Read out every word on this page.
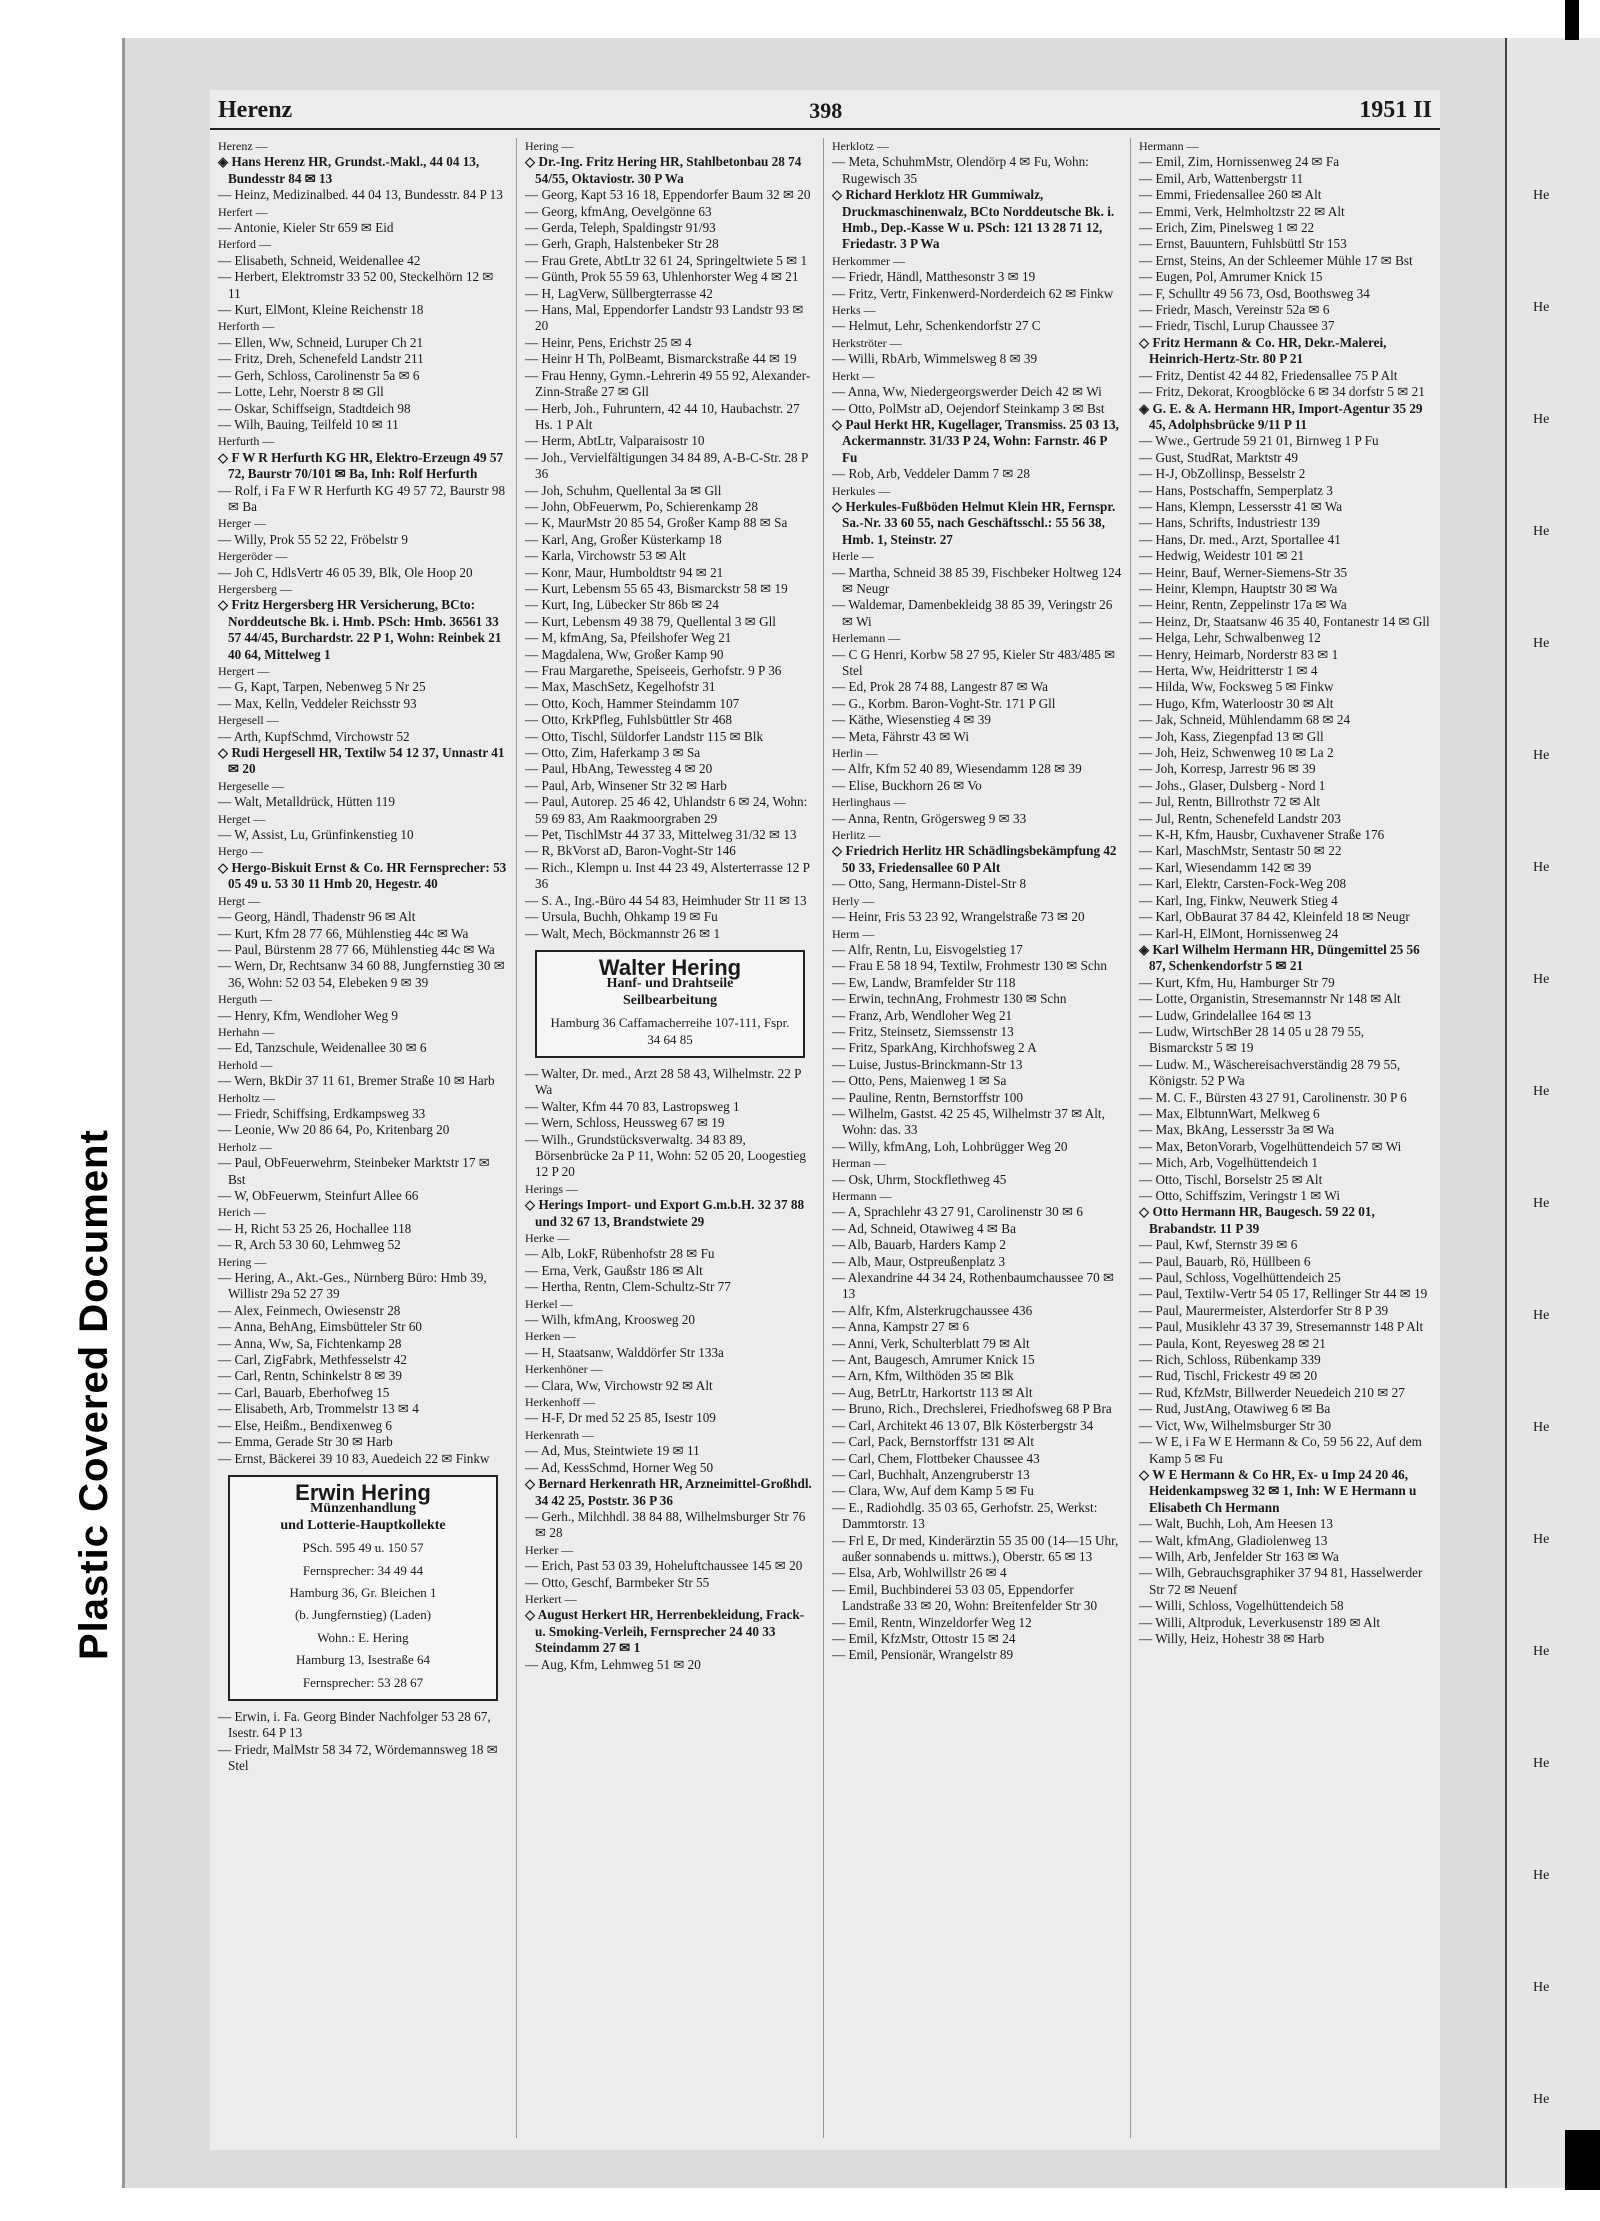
Plastic Covered Document
Herenz	398	1951 II

Herenz —

◈ Hans Herenz HR, Grundst.-Makl., 44 04 13, Bundesstr 84 ✉ 13

— Heinz, Medizinalbed. 44 04 13, Bundesstr. 84 P 13

Herfert —

— Antonie, Kieler Str 659 ✉ Eid

Herford —

— Elisabeth, Schneid, Weidenallee 42

— Herbert, Elektromstr 33 52 00, Steckelhörn 12 ✉ 11

— Kurt, ElMont, Kleine Reichenstr 18

Herforth —

— Ellen, Ww, Schneid, Luruper Ch 21

— Fritz, Dreh, Schenefeld Landstr 211

— Gerh, Schloss, Carolinenstr 5a ✉ 6

— Lotte, Lehr, Noerstr 8 ✉ Gll

— Oskar, Schiffseign, Stadtdeich 98

— Wilh, Bauing, Teilfeld 10 ✉ 11

Herfurth —

◇ F W R Herfurth KG HR, Elektro-Erzeugn 49 57 72, Baurstr 70/101 ✉ Ba, Inh: Rolf Herfurth

— Rolf, i Fa F W R Herfurth KG 49 57 72, Baurstr 98 ✉ Ba

Herger —

— Willy, Prok 55 52 22, Fröbelstr 9

Hergeröder —

— Joh C, HdlsVertr 46 05 39, Blk, Ole Hoop 20

Hergersberg —

◇ Fritz Hergersberg HR Versicherung, BCto: Norddeutsche Bk. i. Hmb. PSch: Hmb. 36561 33 57 44/45, Burchardstr. 22 P 1, Wohn: Reinbek 21 40 64, Mittelweg 1

Hergert —

— G, Kapt, Tarpen, Nebenweg 5 Nr 25

— Max, Kelln, Veddeler Reichsstr 93

Hergesell —

— Arth, KupfSchmd, Virchowstr 52

◇ Rudi Hergesell HR, Textilw 54 12 37, Unnastr 41 ✉ 20

Hergeselle —

— Walt, Metalldrück, Hütten 119

Herget —

— W, Assist, Lu, Grünfinkenstieg 10

Hergo —

◇ Hergo-Biskuit Ernst & Co. HR Fernsprecher: 53 05 49 u. 53 30 11 Hmb 20, Hegestr. 40

Hergt —

— Georg, Händl, Thadenstr 96 ✉ Alt

— Kurt, Kfm 28 77 66, Mühlenstieg 44c ✉ Wa

— Paul, Bürstenm 28 77 66, Mühlenstieg 44c ✉ Wa

— Wern, Dr, Rechtsanw 34 60 88, Jungfernstieg 30 ✉ 36, Wohn: 52 03 54, Elebeken 9 ✉ 39

Herguth —

— Henry, Kfm, Wendloher Weg 9

Herhahn —

— Ed, Tanzschule, Weidenallee 30 ✉ 6

Herhold —

— Wern, BkDir 37 11 61, Bremer Straße 10 ✉ Harb

Herholtz —

— Friedr, Schiffsing, Erdkampsweg 33

— Leonie, Ww 20 86 64, Po, Kritenbarg 20

Herholz —

— Paul, ObFeuerwehrm, Steinbeker Marktstr 17 ✉ Bst

— W, ObFeuerwm, Steinfurt Allee 66

Herich —

— H, Richt 53 25 26, Hochallee 118

— R, Arch 53 30 60, Lehmweg 52

Hering —

— Hering, A., Akt.-Ges., Nürnberg Büro: Hmb 39, Willistr 29a 52 27 39

— Alex, Feinmech, Owiesenstr 28

— Anna, BehAng, Eimsbütteler Str 60

— Anna, Ww, Sa, Fichtenkamp 28

— Carl, ZigFabrk, Methfesselstr 42

— Carl, Rentn, Schinkelstr 8 ✉ 39

— Carl, Bauarb, Eberhofweg 15

— Elisabeth, Arb, Trommelstr 13 ✉ 4

— Else, Heißm., Bendixenweg 6

— Emma, Gerade Str 30 ✉ Harb

— Ernst, Bäckerei 39 10 83, Auedeich 22 ✉ Finkw

Erwin Hering
Münzenhandlung
und Lotterie-Hauptkollekte
PSch. 595 49 u. 150 57
Fernsprecher: 34 49 44
Hamburg 36, Gr. Bleichen 1
(b. Jungfernstieg) (Laden)
Wohn.: E. Hering
Hamburg 13, Isestraße 64
Fernsprecher: 53 28 67

— Erwin, i. Fa. Georg Binder Nachfolger 53 28 67, Isestr. 64 P 13

— Friedr, MalMstr 58 34 72, Wördemannsweg 18 ✉ Stel

Hering —

◇ Dr.-Ing. Fritz Hering HR, Stahlbetonbau 28 74 54/55, Oktaviostr. 30 P Wa

— Georg, Kapt 53 16 18, Eppendorfer Baum 32 ✉ 20

— Georg, kfmAng, Oevelgönne 63

— Gerda, Teleph, Spaldingstr 91/93

— Gerh, Graph, Halstenbeker Str 28

— Frau Grete, AbtLtr 32 61 24, Springeltwiete 5 ✉ 1

— Günth, Prok 55 59 63, Uhlenhorster Weg 4 ✉ 21

— H, LagVerw, Süllbergterrasse 42

— Hans, Mal, Eppendorfer Landstr 93 Landstr 93 ✉ 20

— Heinr, Pens, Erichstr 25 ✉ 4

— Heinr H Th, PolBeamt, Bismarckstraße 44 ✉ 19

— Frau Henny, Gymn.-Lehrerin 49 55 92, Alexander-Zinn-Straße 27 ✉ Gll

— Herb, Joh., Fuhruntern, 42 44 10, Haubachstr. 27 Hs. 1 P Alt

— Herm, AbtLtr, Valparaisostr 10

— Joh., Vervielfältigungen 34 84 89, A-B-C-Str. 28 P 36

— Joh, Schuhm, Quellental 3a ✉ Gll

— John, ObFeuerwm, Po, Schierenkamp 28

— K, MaurMstr 20 85 54, Großer Kamp 88 ✉ Sa

— Karl, Ang, Großer Küsterkamp 18

— Karla, Virchowstr 53 ✉ Alt

— Konr, Maur, Humboldtstr 94 ✉ 21

— Kurt, Lebensm 55 65 43, Bismarckstr 58 ✉ 19

— Kurt, Ing, Lübecker Str 86b ✉ 24

— Kurt, Lebensm 49 38 79, Quellental 3 ✉ Gll

— M, kfmAng, Sa, Pfeilshofer Weg 21

— Magdalena, Ww, Großer Kamp 90

— Frau Margarethe, Speiseeis, Gerhofstr. 9 P 36

— Max, MaschSetz, Kegelhofstr 31

— Otto, Koch, Hammer Steindamm 107

— Otto, KrkPfleg, Fuhlsbüttler Str 468

— Otto, Tischl, Süldorfer Landstr 115 ✉ Blk

— Otto, Zim, Haferkamp 3 ✉ Sa

— Paul, HbAng, Tewessteg 4 ✉ 20

— Paul, Arb, Winsener Str 32 ✉ Harb

— Paul, Autorep. 25 46 42, Uhlandstr 6 ✉ 24, Wohn: 59 69 83, Am Raakmoorgraben 29

— Pet, TischlMstr 44 37 33, Mittelweg 31/32 ✉ 13

— R, BkVorst aD, Baron-Voght-Str 146

— Rich., Klempn u. Inst 44 23 49, Alsterterrasse 12 P 36

— S. A., Ing.-Büro 44 54 83, Heimhuder Str 11 ✉ 13

— Ursula, Buchh, Ohkamp 19 ✉ Fu

— Walt, Mech, Böckmannstr 26 ✉ 1

Walter Hering
Hanf- und Drahtseile
Seilbearbeitung
Hamburg 36 Caffamacherreihe 107-111, Fspr. 34 64 85

— Walter, Dr. med., Arzt 28 58 43, Wilhelmstr. 22 P Wa

— Walter, Kfm 44 70 83, Lastropsweg 1

— Wern, Schloss, Heussweg 67 ✉ 19

— Wilh., Grundstücksverwaltg. 34 83 89, Börsenbrücke 2a P 11, Wohn: 52 05 20, Loogestieg 12 P 20

Herings —

◇ Herings Import- und Export G.m.b.H. 32 37 88 und 32 67 13, Brandstwiete 29

Herke —

— Alb, LokF, Rübenhofstr 28 ✉ Fu

— Erna, Verk, Gaußstr 186 ✉ Alt

— Hertha, Rentn, Clem-Schultz-Str 77

Herkel —

— Wilh, kfmAng, Kroosweg 20

Herken —

— H, Staatsanw, Walddörfer Str 133a

Herkenhöner —

— Clara, Ww, Virchowstr 92 ✉ Alt

Herkenhoff —

— H-F, Dr med 52 25 85, Isestr 109

Herkenrath —

— Ad, Mus, Steintwiete 19 ✉ 11

— Ad, KessSchmd, Horner Weg 50

◇ Bernard Herkenrath HR, Arzneimittel-Großhdl. 34 42 25, Poststr. 36 P 36

— Gerh., Milchhdl. 38 84 88, Wilhelmsburger Str 76 ✉ 28

Herker —

— Erich, Past 53 03 39, Hoheluftchaussee 145 ✉ 20

— Otto, Geschf, Barmbeker Str 55

Herkert —

◇ August Herkert HR, Herrenbekleidung, Frack- u. Smoking-Verleih, Fernsprecher 24 40 33 Steindamm 27 ✉ 1

— Aug, Kfm, Lehmweg 51 ✉ 20

Herklotz —

— Meta, SchuhmMstr, Olendörp 4 ✉ Fu, Wohn: Rugewisch 35

◇ Richard Herklotz HR Gummiwalz, Druckmaschinenwalz, BCto Norddeutsche Bk. i. Hmb., Dep.-Kasse W u. PSch: 121 13 28 71 12, Friedastr. 3 P Wa

Herkommer —

— Friedr, Händl, Matthesonstr 3 ✉ 19

— Fritz, Vertr, Finkenwerd-Norderdeich 62 ✉ Finkw

Herks —

— Helmut, Lehr, Schenkendorfstr 27 C

Herkströter —

— Willi, RbArb, Wimmelsweg 8 ✉ 39

Herkt —

— Anna, Ww, Niedergeorgswerder Deich 42 ✉ Wi

— Otto, PolMstr aD, Oejendorf Steinkamp 3 ✉ Bst

◇ Paul Herkt HR, Kugellager, Transmiss. 25 03 13, Ackermannstr. 31/33 P 24, Wohn: Farnstr. 46 P Fu

— Rob, Arb, Veddeler Damm 7 ✉ 28

Herkules —

◇ Herkules-Fußböden Helmut Klein HR, Fernspr. Sa.-Nr. 33 60 55, nach Geschäftsschl.: 55 56 38, Hmb. 1, Steinstr. 27

Herle —

— Martha, Schneid 38 85 39, Fischbeker Holtweg 124 ✉ Neugr

— Waldemar, Damenbekleidg 38 85 39, Veringstr 26 ✉ Wi

Herlemann —

— C G Henri, Korbw 58 27 95, Kieler Str 483/485 ✉ Stel

— Ed, Prok 28 74 88, Langestr 87 ✉ Wa

— G., Korbm. Baron-Voght-Str. 171 P Gll

— Käthe, Wiesenstieg 4 ✉ 39

— Meta, Fährstr 43 ✉ Wi

Herlin —

— Alfr, Kfm 52 40 89, Wiesendamm 128 ✉ 39

— Elise, Buckhorn 26 ✉ Vo

Herlinghaus —

— Anna, Rentn, Grögersweg 9 ✉ 33

Herlitz —

◇ Friedrich Herlitz HR Schädlingsbekämpfung 42 50 33, Friedensallee 60 P Alt

— Otto, Sang, Hermann-Distel-Str 8

Herly —

— Heinr, Fris 53 23 92, Wrangelstraße 73 ✉ 20

Herm —

— Alfr, Rentn, Lu, Eisvogelstieg 17

— Frau E 58 18 94, Textilw, Frohmestr 130 ✉ Schn

— Ew, Landw, Bramfelder Str 118

— Erwin, technAng, Frohmestr 130 ✉ Schn

— Franz, Arb, Wendloher Weg 21

— Fritz, Steinsetz, Siemssenstr 13

— Fritz, SparkAng, Kirchhofsweg 2 A

— Luise, Justus-Brinckmann-Str 13

— Otto, Pens, Maienweg 1 ✉ Sa

— Pauline, Rentn, Bernstorffstr 100

— Wilhelm, Gastst. 42 25 45, Wilhelmstr 37 ✉ Alt, Wohn: das. 33

— Willy, kfmAng, Loh, Lohbrügger Weg 20

Herman —

— Osk, Uhrm, Stockflethweg 45

Hermann —

— A, Sprachlehr 43 27 91, Carolinenstr 30 ✉ 6

— Ad, Schneid, Otawiweg 4 ✉ Ba

— Alb, Bauarb, Harders Kamp 2

— Alb, Maur, Ostpreußenplatz 3

— Alexandrine 44 34 24, Rothenbaumchaussee 70 ✉ 13

— Alfr, Kfm, Alsterkrugchaussee 436

— Anna, Kampstr 27 ✉ 6

— Anni, Verk, Schulterblatt 79 ✉ Alt

— Ant, Baugesch, Amrumer Knick 15

— Arn, Kfm, Wilthöden 35 ✉ Blk

— Aug, BetrLtr, Harkortstr 113 ✉ Alt

— Bruno, Rich., Drechslerei, Friedhofsweg 68 P Bra

— Carl, Architekt 46 13 07, Blk Kösterbergstr 34

— Carl, Pack, Bernstorffstr 131 ✉ Alt

— Carl, Chem, Flottbeker Chaussee 43

— Carl, Buchhalt, Anzengruberstr 13

— Clara, Ww, Auf dem Kamp 5 ✉ Fu

— E., Radiohdlg. 35 03 65, Gerhofstr. 25, Werkst: Dammtorstr. 13

— Frl E, Dr med, Kinderärztin 55 35 00 (14—15 Uhr, außer sonnabends u. mittws.), Oberstr. 65 ✉ 13

— Elsa, Arb, Wohlwillstr 26 ✉ 4

— Emil, Buchbinderei 53 03 05, Eppendorfer Landstraße 33 ✉ 20, Wohn: Breitenfelder Str 30

— Emil, Rentn, Winzeldorfer Weg 12

— Emil, KfzMstr, Ottostr 15 ✉ 24

— Emil, Pensionär, Wrangelstr 89

Hermann —

— Emil, Zim, Hornissenweg 24 ✉ Fa

— Emil, Arb, Wattenbergstr 11

— Emmi, Friedensallee 260 ✉ Alt

— Emmi, Verk, Helmholtzstr 22 ✉ Alt

— Erich, Zim, Pinelsweg 1 ✉ 22

— Ernst, Bauuntern, Fuhlsbüttl Str 153

— Ernst, Steins, An der Schleemer Mühle 17 ✉ Bst

— Eugen, Pol, Amrumer Knick 15

— F, Schulltr 49 56 73, Osd, Boothsweg 34

— Friedr, Masch, Vereinstr 52a ✉ 6

— Friedr, Tischl, Lurup Chaussee 37

◇ Fritz Hermann & Co. HR, Dekr.-Malerei, Heinrich-Hertz-Str. 80 P 21

— Fritz, Dentist 42 44 82, Friedensallee 75 P Alt

— Fritz, Dekorat, Kroogblöcke 6 ✉ 34 dorfstr 5 ✉ 21

◈ G. E. & A. Hermann HR, Import-Agentur 35 29 45, Adolphsbrücke 9/11 P 11

— Wwe., Gertrude 59 21 01, Birnweg 1 P Fu

— Gust, StudRat, Marktstr 49

— H-J, ObZollinsp, Besselstr 2

— Hans, Postschaffn, Semperplatz 3

— Hans, Klempn, Lessersstr 41 ✉ Wa

— Hans, Schrifts, Industriestr 139

— Hans, Dr. med., Arzt, Sportallee 41

— Hedwig, Weidestr 101 ✉ 21

— Heinr, Bauf, Werner-Siemens-Str 35

— Heinr, Klempn, Hauptstr 30 ✉ Wa

— Heinr, Rentn, Zeppelinstr 17a ✉ Wa

— Heinz, Dr, Staatsanw 46 35 40, Fontanestr 14 ✉ Gll

— Helga, Lehr, Schwalbenweg 12

— Henry, Heimarb, Norderstr 83 ✉ 1

— Herta, Ww, Heidritterstr 1 ✉ 4

— Hilda, Ww, Focksweg 5 ✉ Finkw

— Hugo, Kfm, Waterloostr 30 ✉ Alt

— Jak, Schneid, Mühlendamm 68 ✉ 24

— Joh, Kass, Ziegenpfad 13 ✉ Gll

— Joh, Heiz, Schwenweg 10 ✉ La 2

— Joh, Korresp, Jarrestr 96 ✉ 39

— Johs., Glaser, Dulsberg - Nord 1

— Jul, Rentn, Billrothstr 72 ✉ Alt

— Jul, Rentn, Schenefeld Landstr 203

— K-H, Kfm, Hausbr, Cuxhavener Straße 176

— Karl, MaschMstr, Sentastr 50 ✉ 22

— Karl, Wiesendamm 142 ✉ 39

— Karl, Elektr, Carsten-Fock-Weg 208

— Karl, Ing, Finkw, Neuwerk Stieg 4

— Karl, ObBaurat 37 84 42, Kleinfeld 18 ✉ Neugr

— Karl-H, ElMont, Hornissenweg 24

◈ Karl Wilhelm Hermann HR, Düngemittel 25 56 87, Schenkendorfstr 5 ✉ 21

— Kurt, Kfm, Hu, Hamburger Str 79

— Lotte, Organistin, Stresemannstr Nr 148 ✉ Alt

— Ludw, Grindelallee 164 ✉ 13

— Ludw, WirtschBer 28 14 05 u 28 79 55, Bismarckstr 5 ✉ 19

— Ludw. M., Wäschereisachverständig 28 79 55, Königstr. 52 P Wa

— M. C. F., Bürsten 43 27 91, Carolinenstr. 30 P 6

— Max, ElbtunnWart, Melkweg 6

— Max, BkAng, Lessersstr 3a ✉ Wa

— Max, BetonVorarb, Vogelhüttendeich 57 ✉ Wi

— Mich, Arb, Vogelhüttendeich 1

— Otto, Tischl, Borselstr 25 ✉ Alt

— Otto, Schiffszim, Veringstr 1 ✉ Wi

◇ Otto Hermann HR, Baugesch. 59 22 01, Brabandstr. 11 P 39

— Paul, Kwf, Sternstr 39 ✉ 6

— Paul, Bauarb, Rö, Hüllbeen 6

— Paul, Schloss, Vogelhüttendeich 25

— Paul, Textilw-Vertr 54 05 17, Rellinger Str 44 ✉ 19

— Paul, Maurermeister, Alsterdorfer Str 8 P 39

— Paul, Musiklehr 43 37 39, Stresemannstr 148 P Alt

— Paula, Kont, Reyesweg 28 ✉ 21

— Rich, Schloss, Rübenkamp 339

— Rud, Tischl, Frickestr 49 ✉ 20

— Rud, KfzMstr, Billwerder Neuedeich 210 ✉ 27

— Rud, JustAng, Otawiweg 6 ✉ Ba

— Vict, Ww, Wilhelmsburger Str 30

— W E, i Fa W E Hermann & Co, 59 56 22, Auf dem Kamp 5 ✉ Fu

◇ W E Hermann & Co HR, Ex- u Imp 24 20 46, Heidenkampsweg 32 ✉ 1, Inh: W E Hermann u Elisabeth Ch Hermann

— Walt, Buchh, Loh, Am Heesen 13

— Walt, kfmAng, Gladiolenweg 13

— Wilh, Arb, Jenfelder Str 163 ✉ Wa

— Wilh, Gebrauchsgraphiker 37 94 81, Hasselwerder Str 72 ✉ Neuenf

— Willi, Schloss, Vogelhüttendeich 58

— Willi, Altproduk, Leverkusenstr 189 ✉ Alt

— Willy, Heiz, Hohestr 38 ✉ Harb

He
He
He
He
He
He
He
He
He
He
He
He
He
He
He
He
He
He
